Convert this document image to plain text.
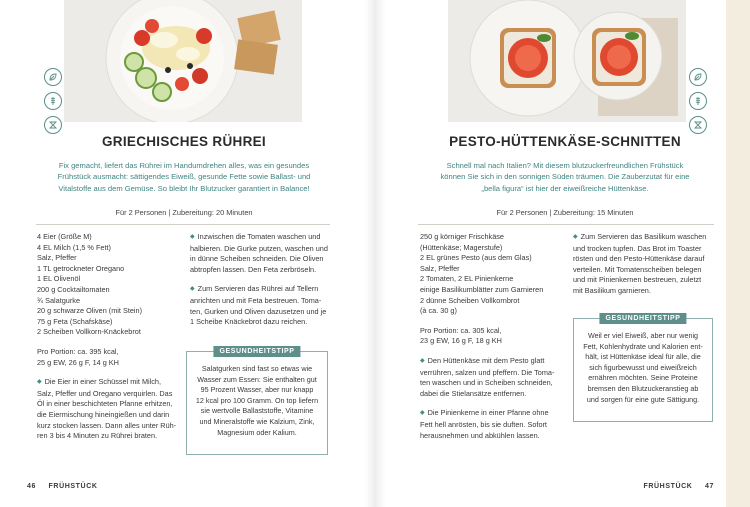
GRIECHISCHES RÜHREI
Fix gemacht, liefert das Rührei im Handumdrehen alles, was ein gesundes
Frühstück ausmacht: sättigendes Eiweiß, gesunde Fette sowie Ballast- und
Vitalstoffe aus dem Gemüse. So bleibt Ihr Blutzucker garantiert in Balance!
Für 2 Personen | Zubereitung: 20 Minuten

4 Eier (Größe M)
4 EL Milch (1,5 % Fett)
Salz, Pfeffer
1 TL getrockneter Oregano
1 EL Olivenöl
200 g Cocktailtomaten
¾ Salatgurke
20 g schwarze Oliven (mit Stein)
75 g Feta (Schafskäse)
2 Scheiben Vollkorn-Knäckebrot

Pro Portion: ca. 395 kcal,
25 g EW, 26 g F, 14 g KH

◆ Die Eier in einer Schüssel mit Milch,
Salz, Pfeffer und Oregano verquirlen. Das
Öl in einer beschichteten Pfanne erhitzen,
die Eiermischung hineingießen und darin
kurz stocken lassen. Dann alles unter Rüh-
ren 3 bis 4 Minuten zu Rührei braten.

◆ Inzwischen die Tomaten waschen und
halbieren. Die Gurke putzen, waschen und
in dünne Scheiben schneiden. Die Oliven
abtropfen lassen. Den Feta zerbröseln.

◆ Zum Servieren das Rührei auf Tellern
anrichten und mit Feta bestreuen. Toma-
ten, Gurken und Oliven dazusetzen und je
1 Scheibe Knäckebrot dazu reichen.

GESUNDHEITSTIPP
Salatgurken sind fast so etwas wie
Wasser zum Essen: Sie enthalten gut
95 Prozent Wasser, aber nur knapp
12 kcal pro 100 Gramm. On top liefern
sie wertvolle Ballaststoffe, Vitamine
und Mineralstoffe wie Kalzium, Zink,
Magnesium oder Kalium.
PESTO-HÜTTENKÄSE-SCHNITTEN
Schnell mal nach Italien? Mit diesem blutzuckerfreundlichen Frühstück
können Sie sich in den sonnigen Süden träumen. Die Zauberzutat für eine
„bella figura“ ist hier der eiweißreiche Hüttenkäse.
Für 2 Personen | Zubereitung: 15 Minuten

250 g körniger Frischkäse
(Hüttenkäse; Magerstufe)
2 EL grünes Pesto (aus dem Glas)
Salz, Pfeffer
2 Tomaten, 2 EL Pinienkerne
einige Basilikumblätter zum Garnieren
2 dünne Scheiben Vollkornbrot
(à ca. 30 g)

Pro Portion: ca. 305 kcal,
23 g EW, 16 g F, 18 g KH

◆ Den Hüttenkäse mit dem Pesto glatt
verrühren, salzen und pfeffern. Die Toma-
ten waschen und in Scheiben schneiden,
dabei die Stielansätze entfernen.

◆ Die Pinienkerne in einer Pfanne ohne
Fett hell anrösten, bis sie duften. Sofort
herausnehmen und abkühlen lassen.

◆ Zum Servieren das Basilikum waschen
und trocken tupfen. Das Brot im Toaster
rösten und den Pesto-Hüttenkäse darauf
verteilen. Mit Tomatenscheiben belegen
und mit Pinienkernen bestreuen, zuletzt
mit Basilikum garnieren.

GESUNDHEITSTIPP
Weil er viel Eiweiß, aber nur wenig
Fett, Kohlenhydrate und Kalorien ent-
hält, ist Hüttenkäse ideal für alle, die
sich figurbewusst und eiweißreich
ernähren möchten. Seine Proteine
bremsen den Blutzuckeranstieg ab
und sorgen für eine gute Sättigung.
46 FRÜHSTÜCK	FRÜHSTÜCK 47
